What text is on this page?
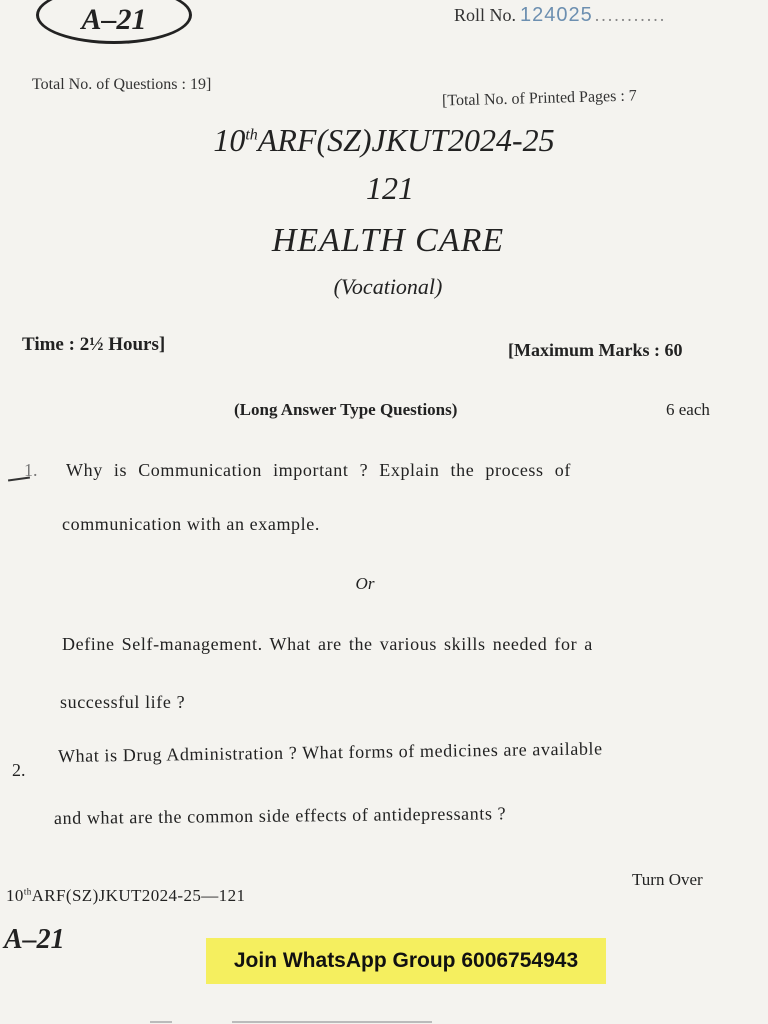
A–21	Roll No. 124025 ...........
Total No. of Questions : 19]
[Total No. of Printed Pages : 7
10thARF(SZ)JKUT2024-25
121
HEALTH CARE
(Vocational)
Time : 2½ Hours]	[Maximum Marks : 60
(Long Answer Type Questions)	6 each
1. Why is Communication important ? Explain the process of
communication with an example.
Or
Define Self-management. What are the various skills needed for a
successful life ?
2.
What is Drug Administration ? What forms of medicines are available
and what are the common side effects of antidepressants ?
Turn Over
10thARF(SZ)JKUT2024-25—121
A–21
Join WhatsApp Group 6006754943
